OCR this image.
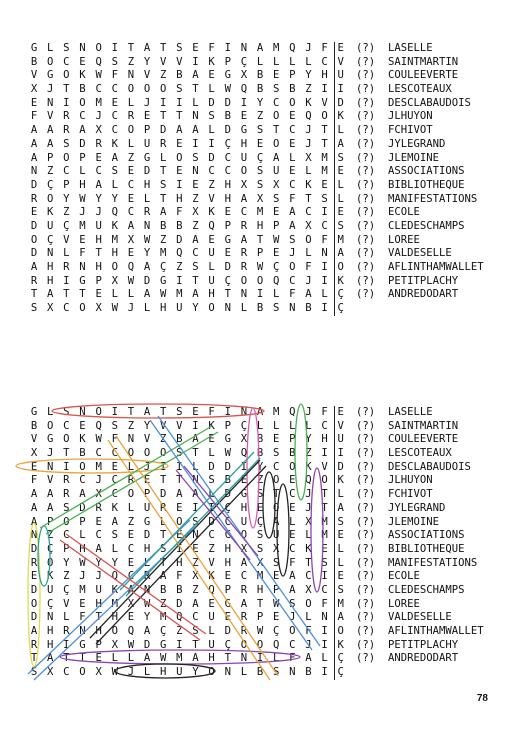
G L S N O I T A T S E F I N A M Q J F E
B O C E Q S Z Y V V I K P Ç L L L L C V
V G O K W F N V Z B A E G X B E P Y H U
X J T B C C O O O S T L W Q B S B Z I I
E N I O M E L J I I L D D I Y C O K V D
F V R C J C R E T T N S B E Z O E Q O K
A A R A X C O P D A A L D G S T C J T L
A A S D R K L U R E I I Ç H E O E J T A
A P O P E A Z G L O S D C U Ç A L X M S
N Z C L C S E D T E N C C O S U E L M E
D Ç P H A L C H S I E Z H X S X C K E L
R O Y W Y Y E L T H Z V H A X S F T S L
E K Z J J Q C R A F X K E C M E A C I E
D U Ç M U K A N B B Z Q P R H P A X C S
O Ç V E H M X W Z D A E G A T W S O F M
D N L F T H E Y M Q C U E R P E J L N A
A H R N H O Q A Ç Z S L D R W Ç O F I O
R H I G P X W D G I T U Ç O O Q C J I K
T A T T E L L A W M A H T N I L F A L Ç
S X C O X W J L H U Y O N L B S N B I Ç
(?) LASELLE
(?) SAINTMARTIN
(?) COULEEVERTE
(?) LESCOTEAUX
(?) DESCLABAUDOIS
(?) JLHUYON
(?) FCHIVOT
(?) JYLEGRAND
(?) JLEMOINE
(?) ASSOCIATIONS
(?) BIBLIOTHEQUE
(?) MANIFESTATIONS
(?) ECOLE
(?) CLEDESCHAMPS
(?) LOREE
(?) VALDESELLE
(?) AFLINTHAMWALLET
(?) PETITPLACHY
(?) ANDREDODART
G L S N O I T A T S E F I N A M Q J F E
B O C E Q S Z Y V V I K P Ç L L L L C V
V G O K W F N V Z B A E G X B E P Y H U
X J T B C C O O O S T L W Q B S B Z I I
E N I O M E L J I I L D D I Y C O K V D
F V R C J C R E T T N S B E Z O E Q O K
A A R A X C O P D A A L D G S T C J T L
A A S D R K L U R E I I Ç H E O E J T A
A P O P E A Z G L O S D C U Ç A L X M S
N Z C L C S E D T E N C C O S U E L M E
D Ç P H A L C H S I E Z H X S X C K E L
R O Y W Y Y E L T H Z V H A X S F T S L
E K Z J J Q C R A F X K E C M E A C I E
D U Ç M U K A N B B Z Q P R H P A X C S
O Ç V E H M X W Z D A E G A T W S O F M
D N L F T H E Y M Q C U E R P E J L N A
A H R N H O Q A Ç Z S L D R W Ç O F I O
R H I G P X W D G I T U Ç O O Q C J I K
T A T T E L L A W M A H T N I L F A L Ç
S X C O X W J L H U Y O N L B S N B I Ç
(?) LASELLE
(?) SAINTMARTIN
(?) COULEEVERTE
(?) LESCOTEAUX
(?) DESCLABAUDOIS
(?) JLHUYON
(?) FCHIVOT
(?) JYLEGRAND
(?) JLEMOINE
(?) ASSOCIATIONS
(?) BIBLIOTHEQUE
(?) MANIFESTATIONS
(?) ECOLE
(?) CLEDESCHAMPS
(?) LOREE
(?) VALDESELLE
(?) AFLINTHAMWALLET
(?) PETITPLACHY
(?) ANDREDODART
78
